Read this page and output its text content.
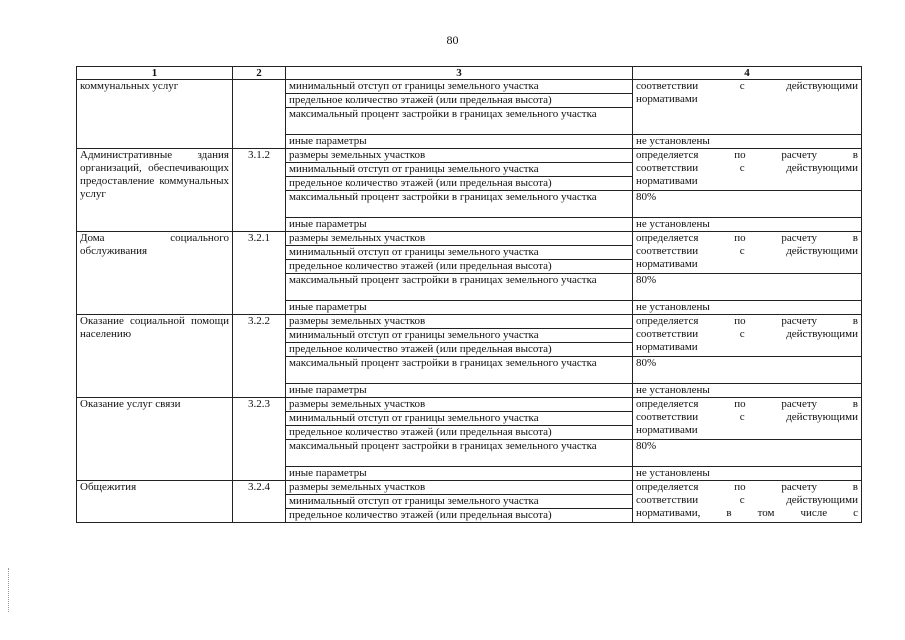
80
1	2	3	4
коммунальных услуг		минимальный отступ от границы земельного участка	соответствии с действующими
нормативами
		предельное количество этажей (или предельная высота)	
		максимальный процент застройки в границах земельного участка	
		иные параметры	не установлены
Административные здания организаций, обеспечивающих предоставление коммунальных услуг	3.1.2	размеры земельных участков	определяется по расчету в
соответствии с действующими
нормативами
		минимальный отступ от границы земельного участка	
		предельное количество этажей (или предельная высота)	
		максимальный процент застройки в границах земельного участка	80%
		иные параметры	не установлены
Дома социального обслуживания	3.2.1	размеры земельных участков	определяется по расчету в
соответствии с действующими
нормативами
		минимальный отступ от границы земельного участка	
		предельное количество этажей (или предельная высота)	
		максимальный процент застройки в границах земельного участка	80%
		иные параметры	не установлены
Оказание социальной помощи населению	3.2.2	размеры земельных участков	определяется по расчету в
соответствии с действующими
нормативами
		минимальный отступ от границы земельного участка	
		предельное количество этажей (или предельная высота)	
		максимальный процент застройки в границах земельного участка	80%
		иные параметры	не установлены
Оказание услуг связи	3.2.3	размеры земельных участков	определяется по расчету в
соответствии с действующими
нормативами
		минимальный отступ от границы земельного участка	
		предельное количество этажей (или предельная высота)	
		максимальный процент застройки в границах земельного участка	80%
		иные параметры	не установлены
Общежития	3.2.4	размеры земельных участков	определяется по расчету в
соответствии с действующими
нормативами, в том числе с

		минимальный отступ от границы земельного участка	
		предельное количество этажей (или предельная высота)	
